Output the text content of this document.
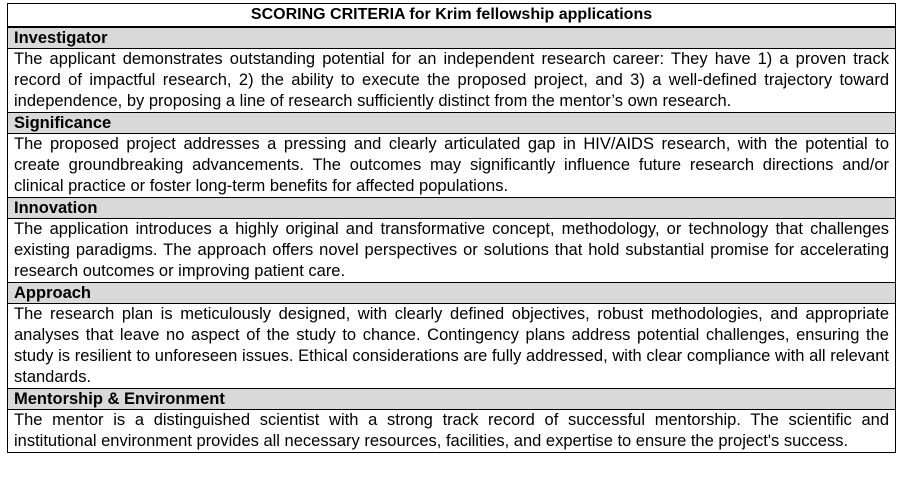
SCORING CRITERIA for Krim fellowship applications
Investigator
The applicant demonstrates outstanding potential for an independent research career: They have 1) a proven track record of impactful research, 2) the ability to execute the proposed project, and 3) a well-defined trajectory toward independence, by proposing a line of research sufficiently distinct from the mentor’s own research.
Significance
The proposed project addresses a pressing and clearly articulated gap in HIV/AIDS research, with the potential to create groundbreaking advancements. The outcomes may significantly influence future research directions and/or clinical practice or foster long-term benefits for affected populations.
Innovation
The application introduces a highly original and transformative concept, methodology, or technology that challenges existing paradigms. The approach offers novel perspectives or solutions that hold substantial promise for accelerating research outcomes or improving patient care.
Approach
The research plan is meticulously designed, with clearly defined objectives, robust methodologies, and appropriate analyses that leave no aspect of the study to chance. Contingency plans address potential challenges, ensuring the study is resilient to unforeseen issues. Ethical considerations are fully addressed, with clear compliance with all relevant standards.
Mentorship & Environment
The mentor is a distinguished scientist with a strong track record of successful mentorship. The scientific and institutional environment provides all necessary resources, facilities, and expertise to ensure the project's success.
